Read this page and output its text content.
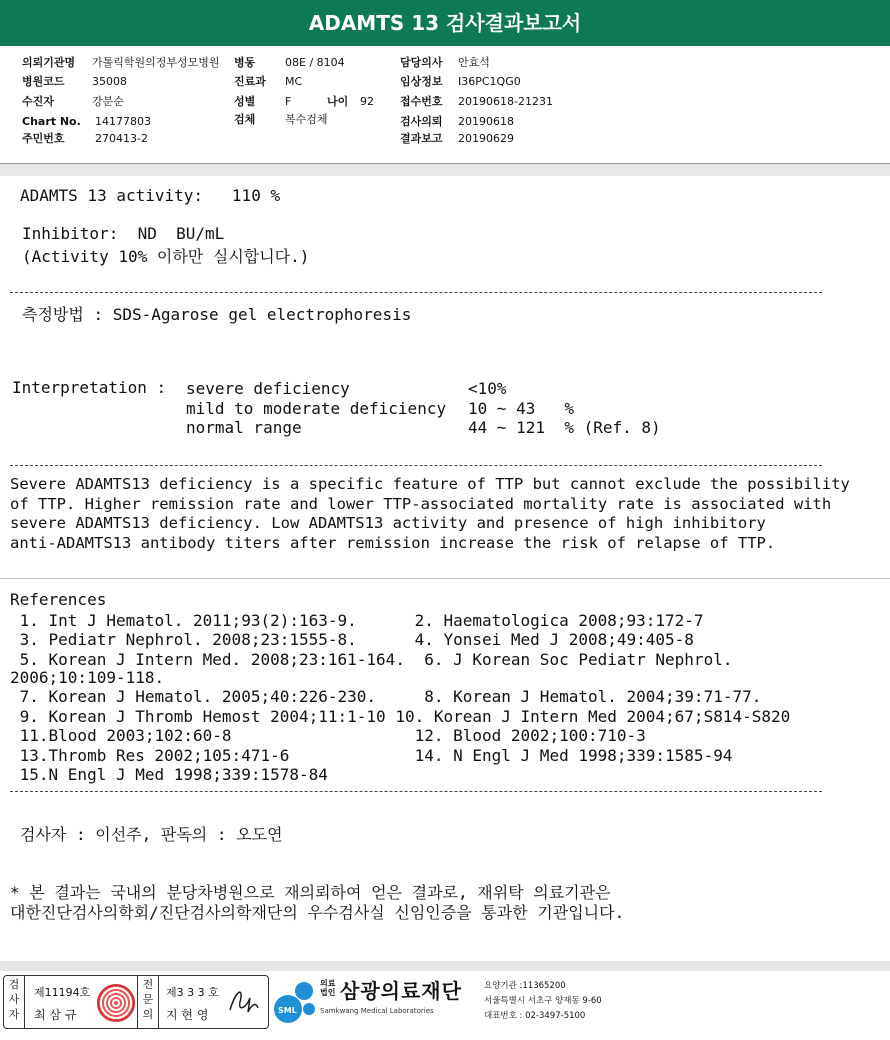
ADAMTS 13 검사결과보고서
의뢰기관명 가톨릭학원의정부성모병원 병동	08E / 8104	담당의사 안효석
병원코드 35008	진료과 MC	임상정보 I36PC1QG0
수진자	강분순	성별	F	나이 92 접수번호 20190618-21231
Chart No. 14177803	검체	복수검체	검사의뢰 20190618
주민번호	270413-2	결과보고 20190629
ADAMTS 13 activity:   110 %
Inhibitor:  ND  BU/mL
(Activity 10% 이하만 실시합니다.)
측정방법 : SDS-Agarose gel electrophoresis
Interpretation : severe deficiency	<10%
mild to moderate deficiency 10 ~ 43   %
normal range	44 ~ 121  % (Ref. 8)
Severe ADAMTS13 deficiency is a specific feature of TTP but cannot exclude the possibility
of TTP. Higher remission rate and lower TTP-associated mortality rate is associated with
severe ADAMTS13 deficiency. Low ADAMTS13 activity and presence of high inhibitory
anti-ADAMTS13 antibody titers after remission increase the risk of relapse of TTP.
References
1. Int J Hematol. 2011;93(2):163-9.      2. Haematologica 2008;93:172-7
3. Pediatr Nephrol. 2008;23:1555-8.      4. Yonsei Med J 2008;49:405-8
5. Korean J Intern Med. 2008;23:161-164.  6. J Korean Soc Pediatr Nephrol.
2006;10:109-118.
7. Korean J Hematol. 2005;40:226-230.     8. Korean J Hematol. 2004;39:71-77.
9. Korean J Thromb Hemost 2004;11:1-10 10. Korean J Intern Med 2004;67;S814-S820
11.Blood 2003;102:60-8                   12. Blood 2002;100:710-3
13.Thromb Res 2002;105:471-6             14. N Engl J Med 1998;339:1585-94
15.N Engl J Med 1998;339:1578-84
검사자 : 이선주, 판독의 : 오도연
* 본 결과는 국내의 분당차병원으로 재의뢰하여 얻은 결과로, 재위탁 의료기관은
대한진단검사의학회/진단검사의학재단의 우수검사실 신임인증을 통과한 기관입니다.
검
사
자
제11194호
최 삼 규
전
문
의
제3 3 3 호
지 현 영	SML
의료법인 삼광의료재단
Samkwang Medical Laboratories
요양기관 :11365200
서울특별시 서초구 양재동 9-60
대표번호 : 02-3497-5100
